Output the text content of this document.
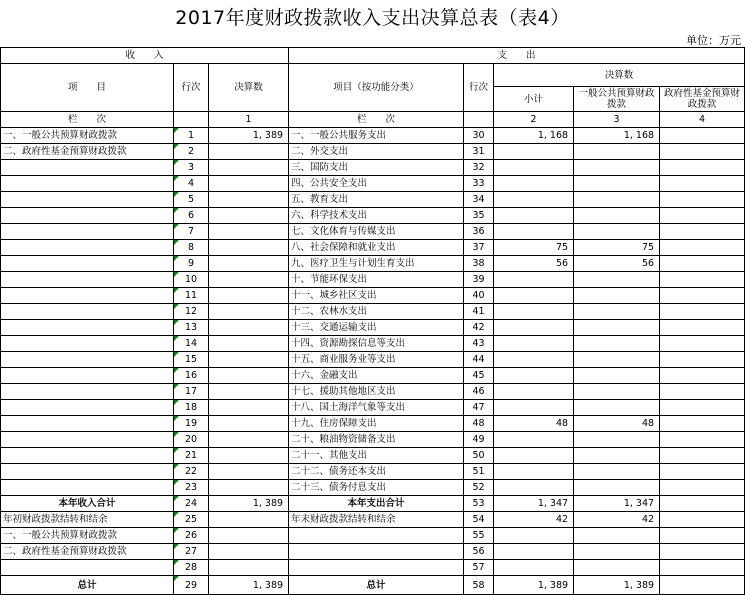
2017年度财政拨款收入支出决算总表（表4）
单位：万元
收　　入			支　　出				
项　　目	行次	决算数	项目（按功能分类）	行次	决算数		
					小计	一般公共预算财政拨款	政府性基金预算财政拨款
栏　　次		1	栏　　次		2	3	4
一、一般公共预算财政拨款	1	1, 389	一、一般公共服务支出	30	1, 168	1, 168	
二、政府性基金预算财政拨款	2		二、外交支出	31			
	3		三、国防支出	32			
	4		四、公共安全支出	33			
	5		五、教育支出	34			
	6		六、科学技术支出	35			
	7		七、文化体育与传媒支出	36			
	8		八、社会保障和就业支出	37	75	75	
	9		九、医疗卫生与计划生育支出	38	56	56	
	10		十、节能环保支出	39			
	11		十一、城乡社区支出	40			
	12		十二、农林水支出	41			
	13		十三、交通运输支出	42			
	14		十四、资源勘探信息等支出	43			
	15		十五、商业服务业等支出	44			
	16		十六、金融支出	45			
	17		十七、援助其他地区支出	46			
	18		十八、国土海洋气象等支出	47			
	19		十九、住房保障支出	48	48	48	
	20		二十、粮油物资储备支出	49			
	21		二十一、其他支出	50			
	22		二十二、债务还本支出	51			
	23		二十三、债务付息支出	52			
本年收入合计	24	1, 389	本年支出合计	53	1, 347	1, 347	
年初财政拨款结转和结余	25		年末财政拨款结转和结余	54	42	42	
一、一般公共预算财政拨款	26			55			
二、政府性基金预算财政拨款	27			56			
	28			57			
总计	29	1, 389	总计	58	1, 389	1, 389	
